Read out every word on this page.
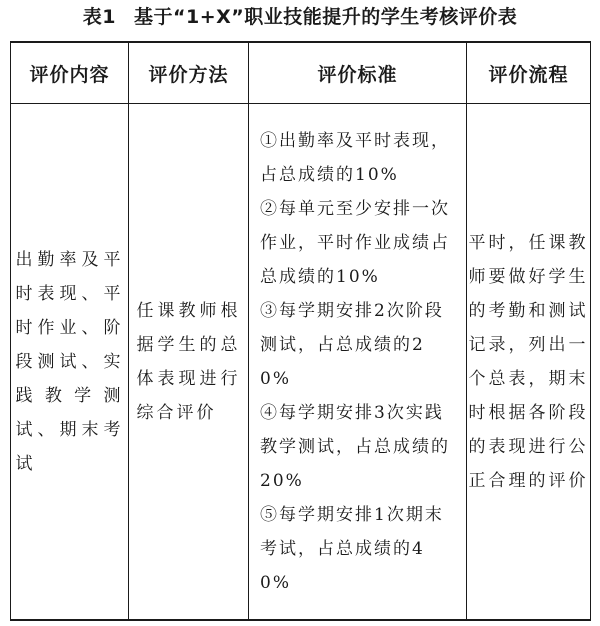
表1 基于“1+X”职业技能提升的学生考核评价表
评价内容	评价方法	评价标准	评价流程

出勤率及平时表现、平时作业、阶段测试、实践教学测试、期末考试	任课教师根据学生的总体表现进行综合评价	①出勤率及平时表现，占总成绩的10%
②每单元至少安排一次作业，平时作业成绩占总成绩的10%
③每学期安排2次阶段测试，占总成绩的20%
④每学期安排3次实践教学测试，占总成绩的20%
⑤每学期安排1次期末考试，占总成绩的40%	平时，任课教师要做好学生的考勤和测试记录，列出一个总表，期末时根据各阶段的表现进行公正合理的评价
